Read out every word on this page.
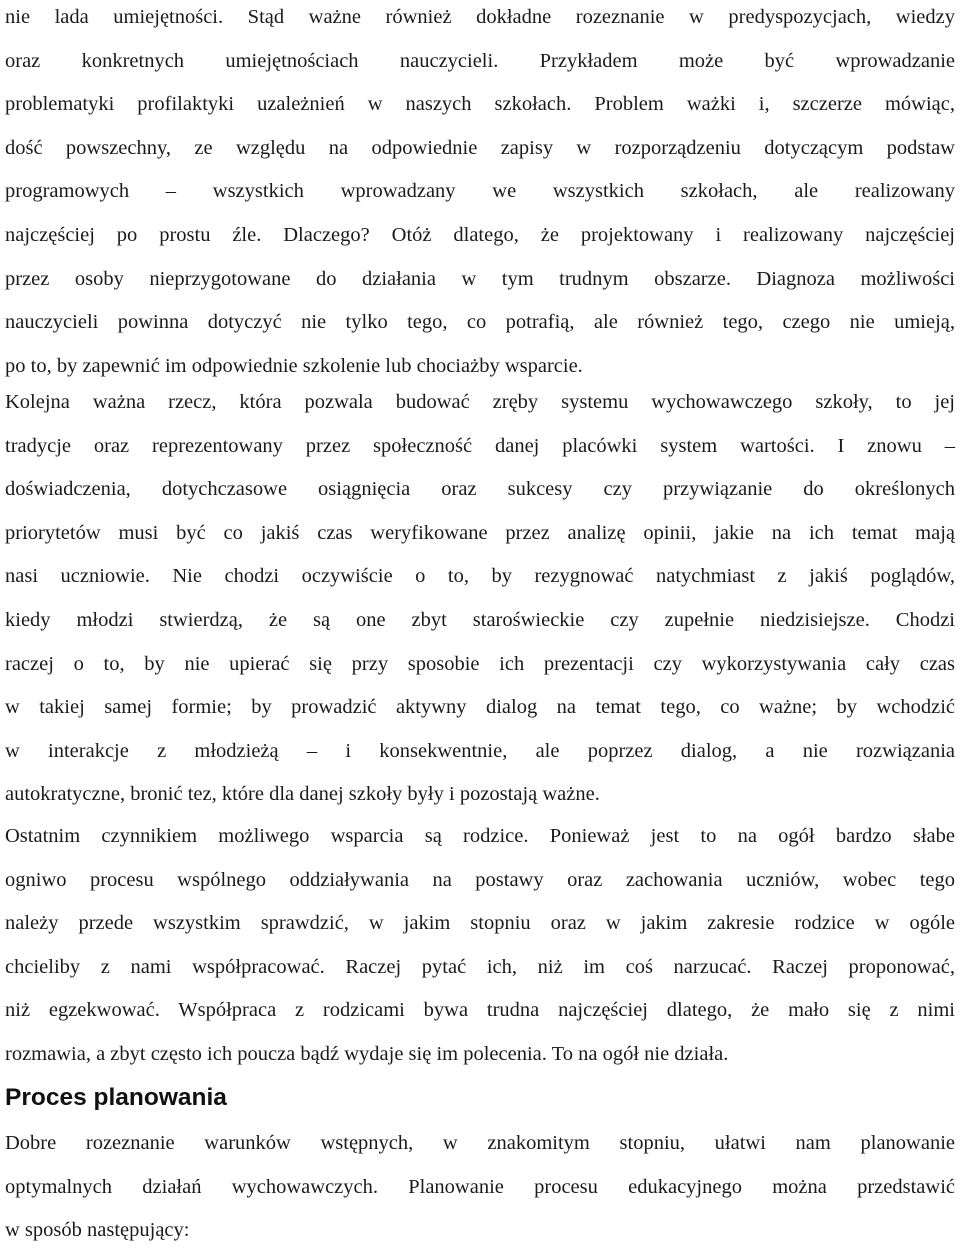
nie lada umiejętności. Stąd ważne również dokładne rozeznanie w predyspozycjach, wiedzy
oraz konkretnych umiejętnościach nauczycieli. Przykładem może być wprowadzanie
problematyki profilaktyki uzależnień w naszych szkołach. Problem ważki i, szczerze mówiąc,
dość powszechny, ze względu na odpowiednie zapisy w rozporządzeniu dotyczącym podstaw
programowych – wszystkich wprowadzany we wszystkich szkołach, ale realizowany
najczęściej po prostu źle. Dlaczego? Otóż dlatego, że projektowany i realizowany najczęściej
przez osoby nieprzygotowane do działania w tym trudnym obszarze. Diagnoza możliwości
nauczycieli powinna dotyczyć nie tylko tego, co potrafią, ale również tego, czego nie umieją,
po to, by zapewnić im odpowiednie szkolenie lub chociażby wsparcie.
Kolejna ważna rzecz, która pozwala budować zręby systemu wychowawczego szkoły, to jej
tradycje oraz reprezentowany przez społeczność danej placówki system wartości. I znowu –
doświadczenia, dotychczasowe osiągnięcia oraz sukcesy czy przywiązanie do określonych
priorytetów musi być co jakiś czas weryfikowane przez analizę opinii, jakie na ich temat mają
nasi uczniowie. Nie chodzi oczywiście o to, by rezygnować natychmiast z jakiś poglądów,
kiedy młodzi stwierdzą, że są one zbyt staroświeckie czy zupełnie niedzisiejsze. Chodzi
raczej o to, by nie upierać się przy sposobie ich prezentacji czy wykorzystywania cały czas
w takiej samej formie; by prowadzić aktywny dialog na temat tego, co ważne; by wchodzić
w interakcje z młodzieżą – i konsekwentnie, ale poprzez dialog, a nie rozwiązania
autokratyczne, bronić tez, które dla danej szkoły były i pozostają ważne.
Ostatnim czynnikiem możliwego wsparcia są rodzice. Ponieważ jest to na ogół bardzo słabe
ogniwo procesu wspólnego oddziaływania na postawy oraz zachowania uczniów, wobec tego
należy przede wszystkim sprawdzić, w jakim stopniu oraz w jakim zakresie rodzice w ogóle
chcieliby z nami współpracować. Raczej pytać ich, niż im coś narzucać. Raczej proponować,
niż egzekwować. Współpraca z rodzicami bywa trudna najczęściej dlatego, że mało się z nimi
rozmawia, a zbyt często ich poucza bądź wydaje się im polecenia. To na ogół nie działa.
Proces planowania
Dobre rozeznanie warunków wstępnych, w znakomitym stopniu, ułatwi nam planowanie
optymalnych działań wychowawczych. Planowanie procesu edukacyjnego można przedstawić
w sposób następujący:
